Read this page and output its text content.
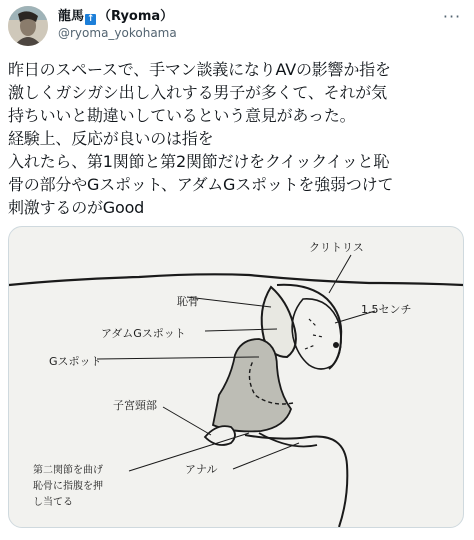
龍馬 ↑ （Ryoma）
@ryoma_yokohama
···

昨日のスペースで、手マン談義になりAVの影響か指を

激しくガシガシ出し入れする男子が多くて、それが気

持ちいいと勘違いしているという意見があった。

経験上、反応が良いのは指を

入れたら、第1関節と第2関節だけをクイックイッと恥

骨の部分やGスポット、アダムGスポットを強弱つけて

刺激するのがGood

クリトリス
恥骨
1.5センチ
アダムGスポット
Gスポット
子宮頸部
アナル
第二関節を曲げ
恥骨に指腹を押
し当てる
